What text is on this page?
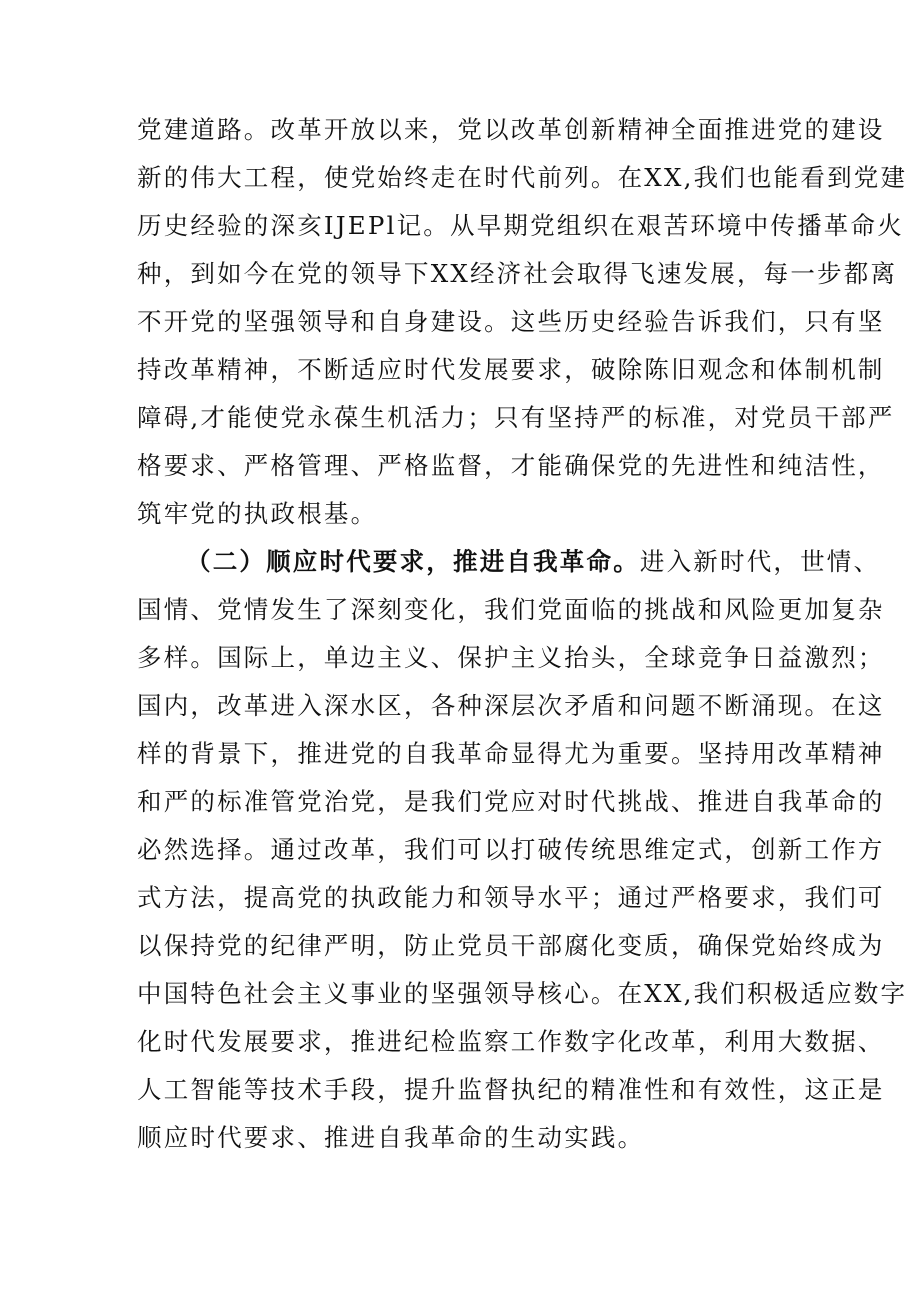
党建道路。改革开放以来，党以改革创新精神全面推进党的建设
新的伟大工程，使党始终走在时代前列。在XX,我们也能看到党建
历史经验的深亥IJEPl记。从早期党组织在艰苦环境中传播革命火
种，到如今在党的领导下XX经济社会取得飞速发展，每一步都离
不开党的坚强领导和自身建设。这些历史经验告诉我们，只有坚
持改革精神，不断适应时代发展要求，破除陈旧观念和体制机制
障碍,才能使党永葆生机活力；只有坚持严的标准，对党员干部严
格要求、严格管理、严格监督，才能确保党的先进性和纯洁性，
筑牢党的执政根基。
（二）顺应时代要求，推进自我革命。进入新时代，世情、
国情、党情发生了深刻变化，我们党面临的挑战和风险更加复杂
多样。国际上，单边主义、保护主义抬头，全球竞争日益激烈；
国内，改革进入深水区，各种深层次矛盾和问题不断涌现。在这
样的背景下，推进党的自我革命显得尤为重要。坚持用改革精神
和严的标准管党治党，是我们党应对时代挑战、推进自我革命的
必然选择。通过改革，我们可以打破传统思维定式，创新工作方
式方法，提高党的执政能力和领导水平；通过严格要求，我们可
以保持党的纪律严明，防止党员干部腐化变质，确保党始终成为
中国特色社会主义事业的坚强领导核心。在XX,我们积极适应数字
化时代发展要求，推进纪检监察工作数字化改革，利用大数据、
人工智能等技术手段，提升监督执纪的精准性和有效性，这正是
顺应时代要求、推进自我革命的生动实践。
